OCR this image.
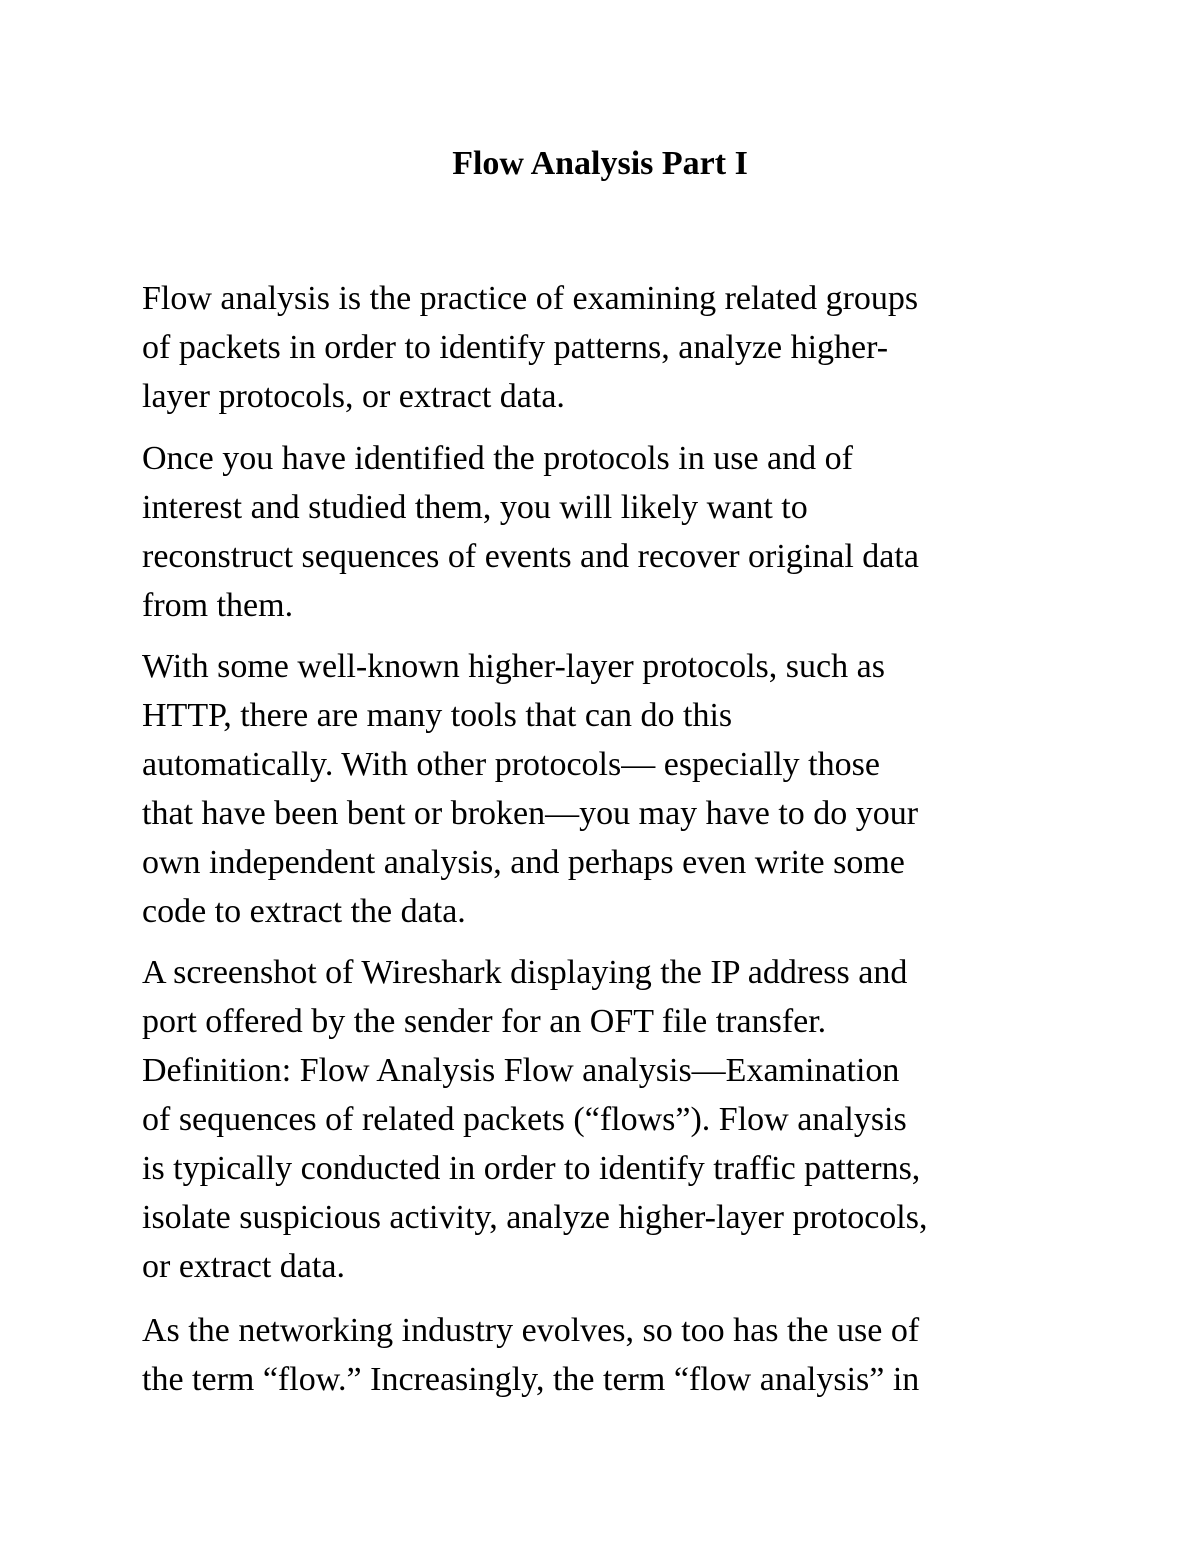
Flow Analysis Part I

Flow analysis is the practice of examining related groups
of packets in order to identify patterns, analyze higher-
layer protocols, or extract data.

Once you have identified the protocols in use and of
interest and studied them, you will likely want to
reconstruct sequences of events and recover original data
from them.

With some well-known higher-layer protocols, such as
HTTP, there are many tools that can do this
automatically. With other protocols— especially those
that have been bent or broken—you may have to do your
own independent analysis, and perhaps even write some
code to extract the data.

A screenshot of Wireshark displaying the IP address and
port offered by the sender for an OFT file transfer.
Definition: Flow Analysis Flow analysis—Examination
of sequences of related packets (“flows”). Flow analysis
is typically conducted in order to identify traffic patterns,
isolate suspicious activity, analyze higher-layer protocols,
or extract data.

As the networking industry evolves, so too has the use of
the term “flow.” Increasingly, the term “flow analysis” in
